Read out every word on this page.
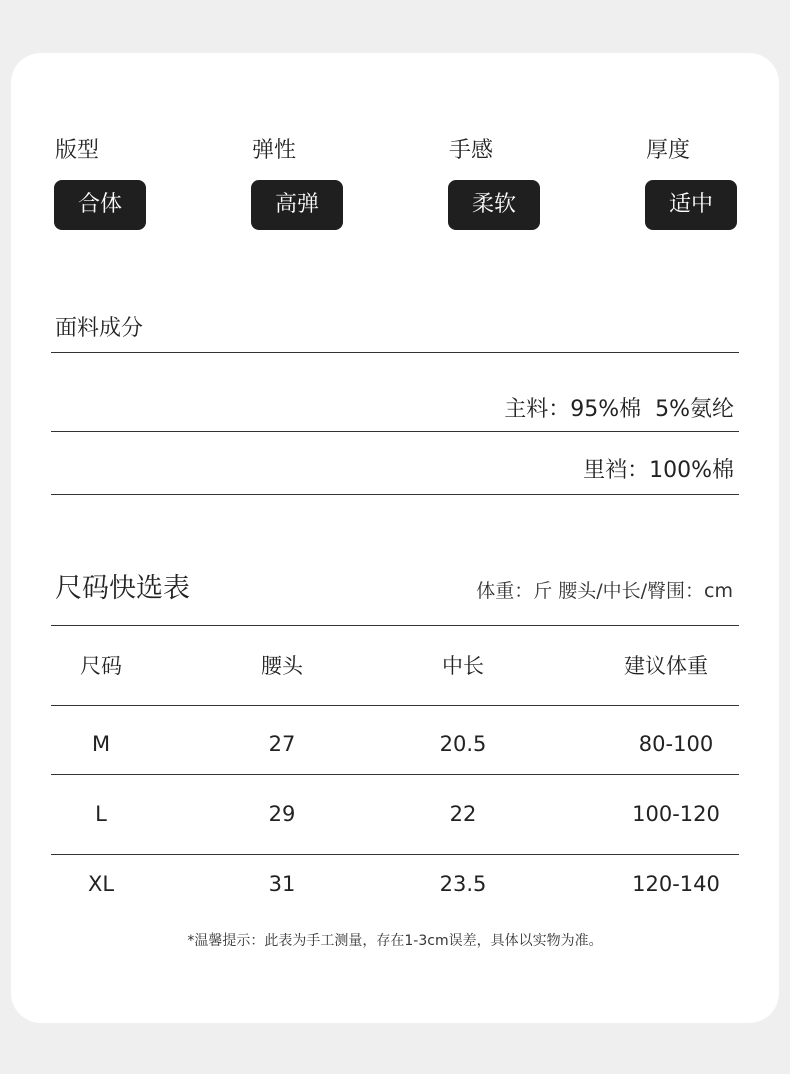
版型	弹性	手感	厚度
合体	高弹	柔软	适中
面料成分
主料：95%棉  5%氨纶
里裆：100%棉
尺码快选表	体重：斤 腰头/中长/臀围：cm
尺码	腰头	中长	建议体重
M	27	20.5	80-100
L	29	22	100-120
XL	31	23.5	120-140
*温馨提示：此表为手工测量，存在1-3cm误差，具体以实物为准。
